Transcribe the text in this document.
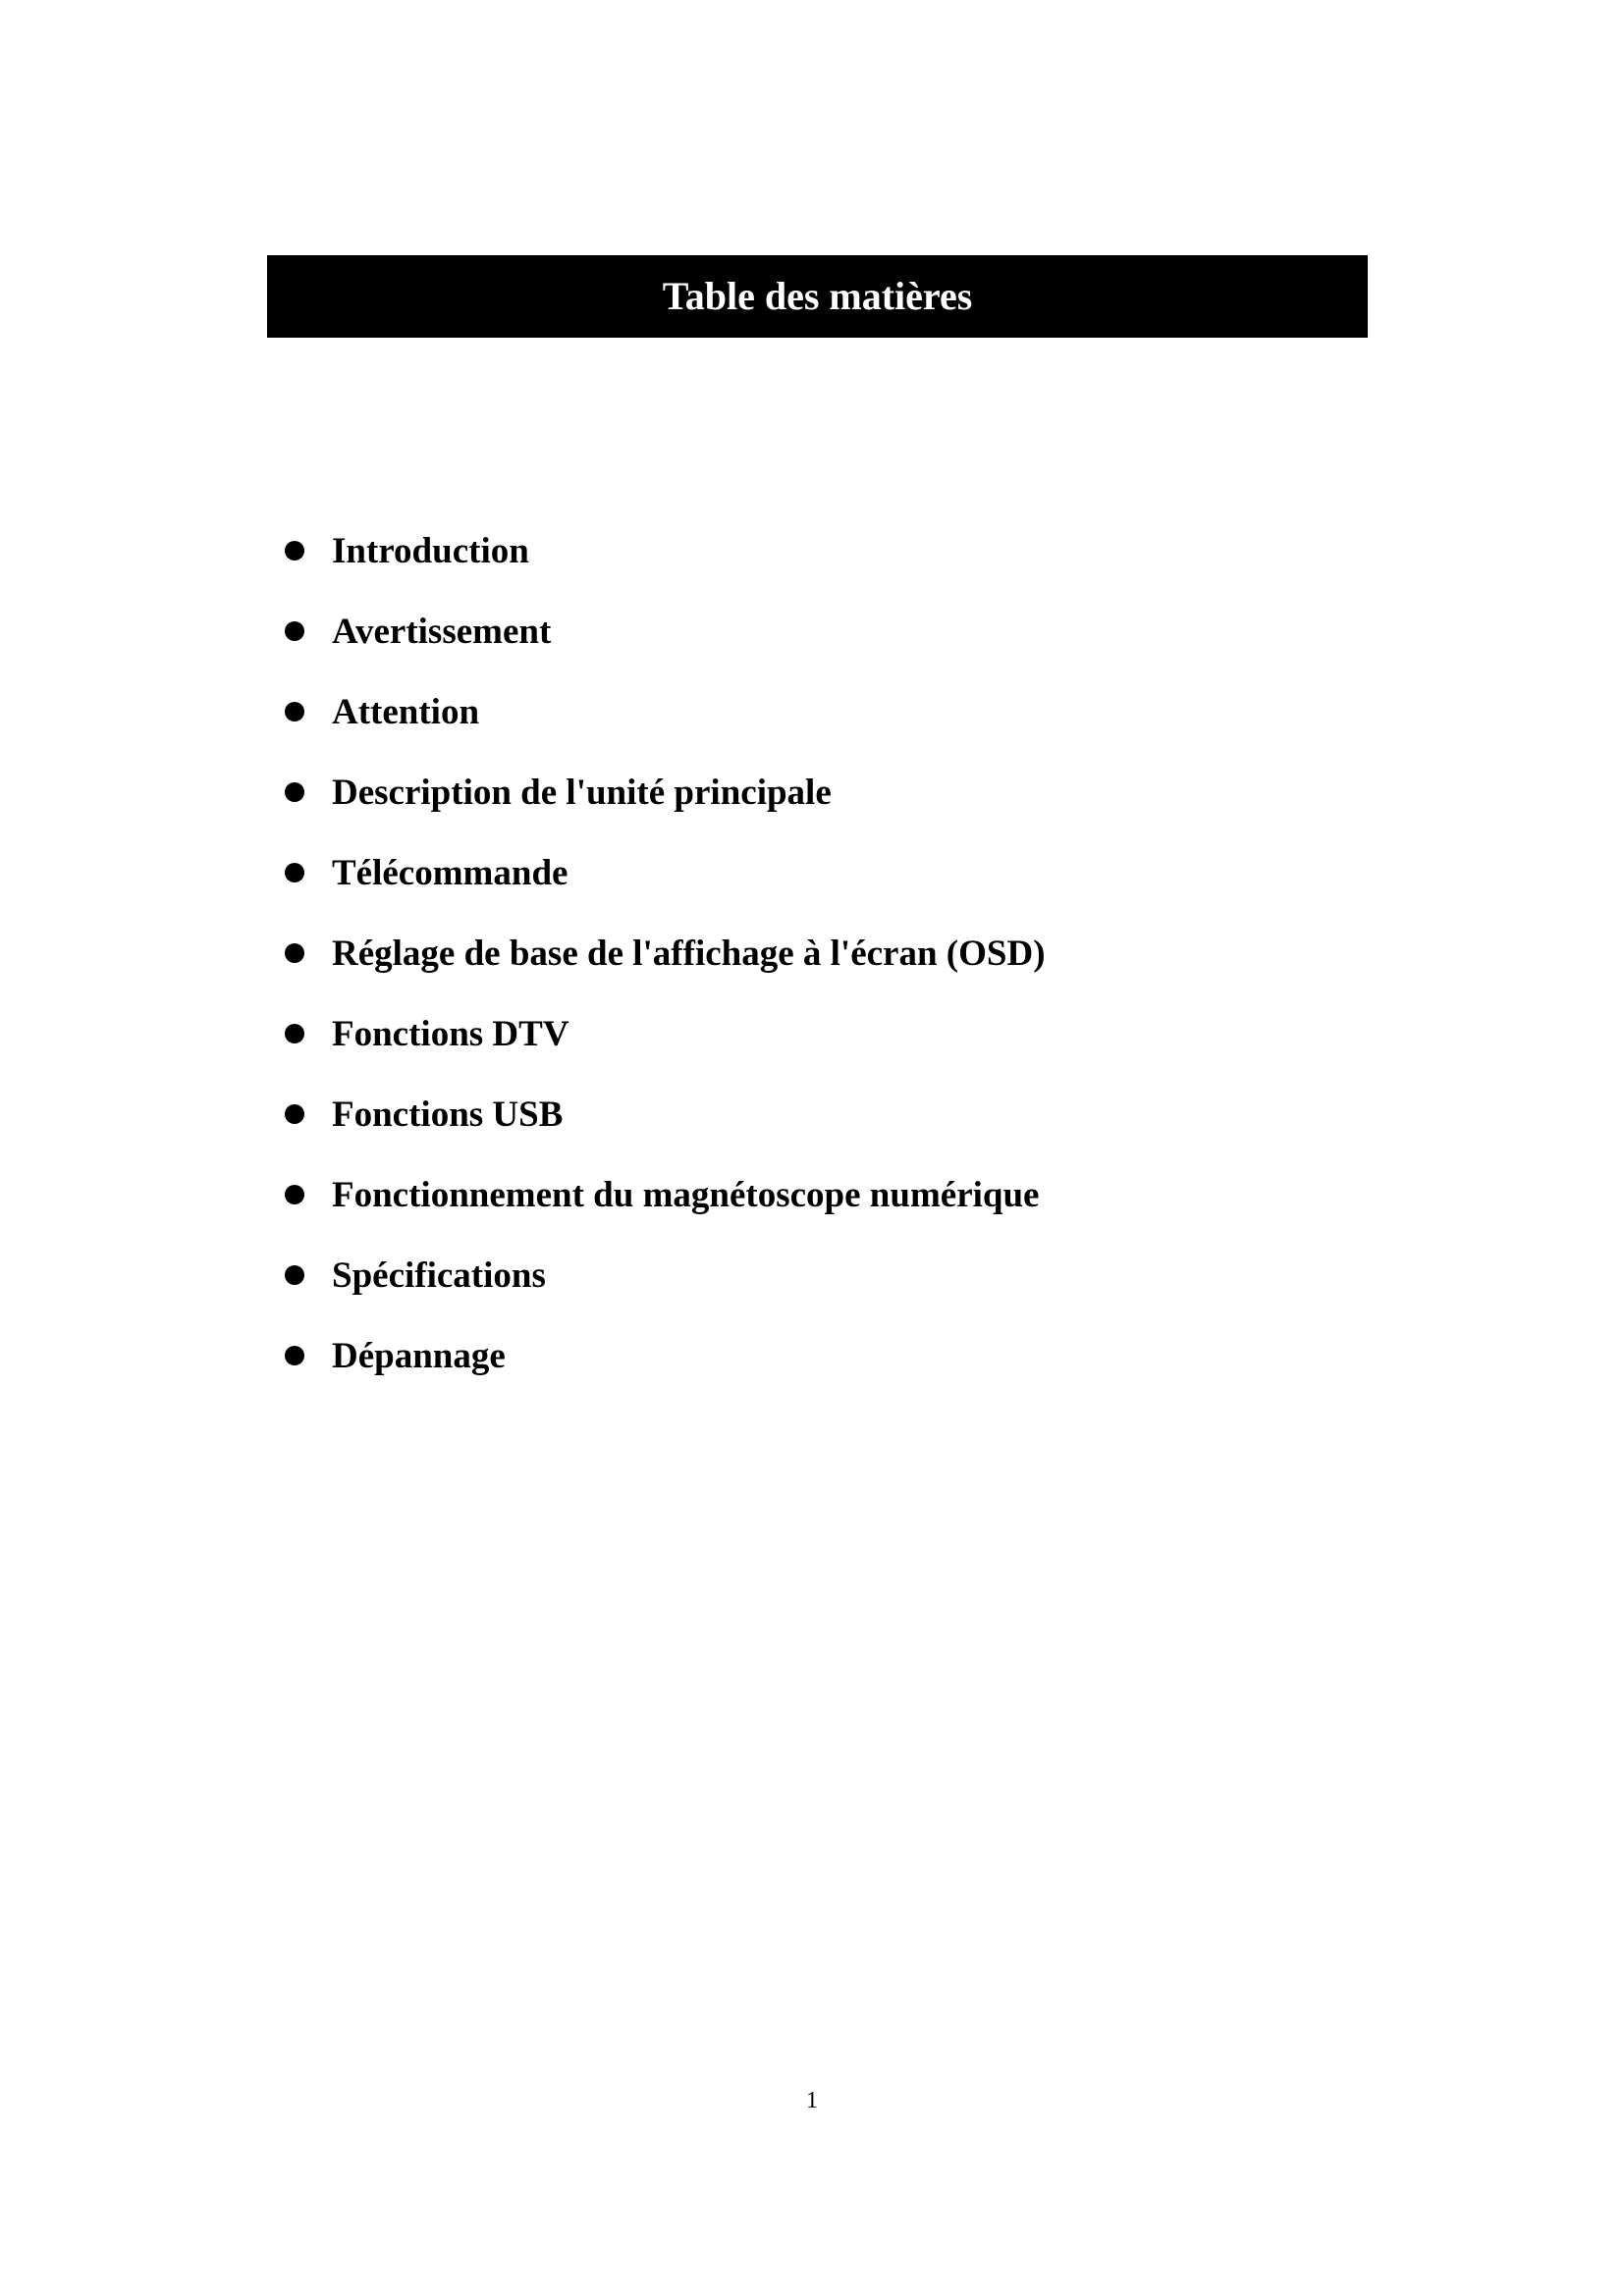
Table des matières
Introduction
Avertissement
Attention
Description de l'unité principale
Télécommande
Réglage de base de l'affichage à l'écran (OSD)
Fonctions DTV
Fonctions USB
Fonctionnement du magnétoscope numérique
Spécifications
Dépannage
1
